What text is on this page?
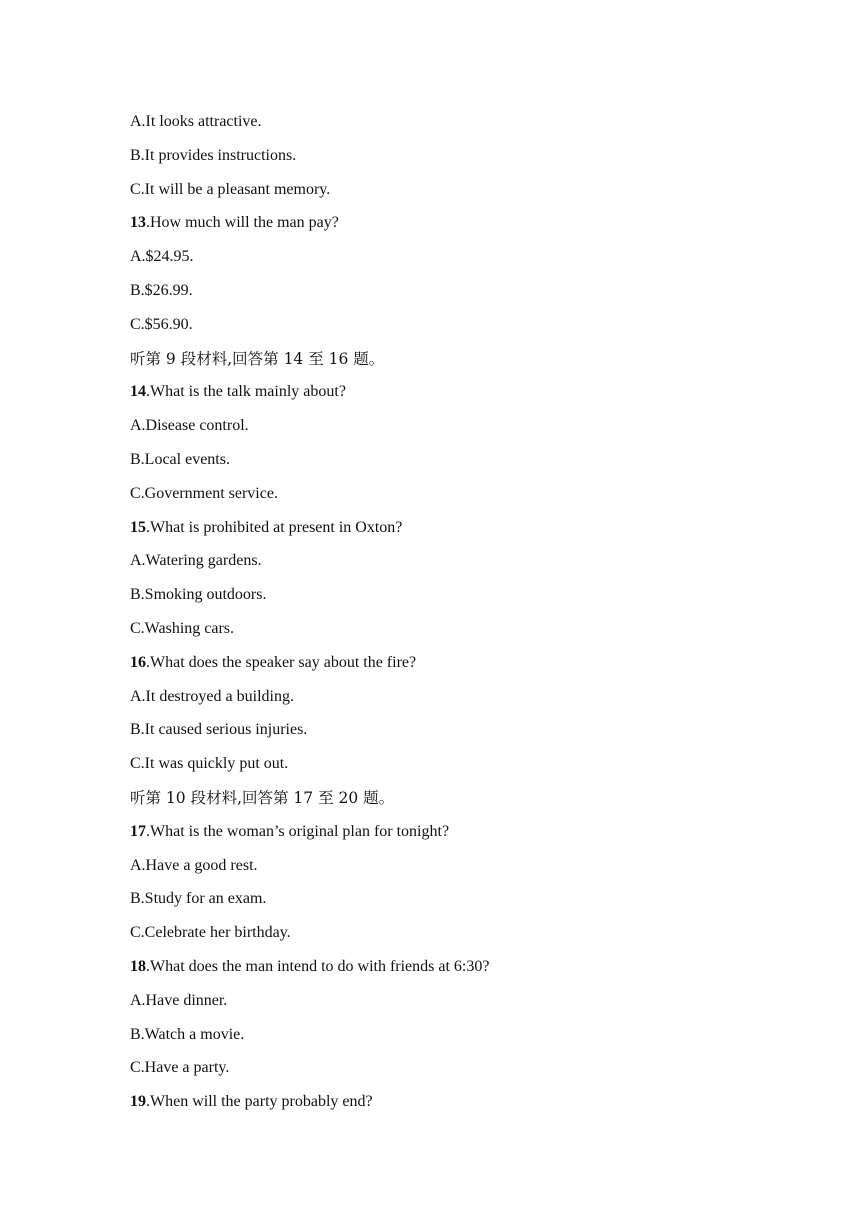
A.It looks attractive.
B.It provides instructions.
C.It will be a pleasant memory.
13.How much will the man pay?
A.$24.95.
B.$26.99.
C.$56.90.
听第 9 段材料,回答第 14 至 16 题。
14.What is the talk mainly about?
A.Disease control.
B.Local events.
C.Government service.
15.What is prohibited at present in Oxton?
A.Watering gardens.
B.Smoking outdoors.
C.Washing cars.
16.What does the speaker say about the fire?
A.It destroyed a building.
B.It caused serious injuries.
C.It was quickly put out.
听第 10 段材料,回答第 17 至 20 题。
17.What is the woman’s original plan for tonight?
A.Have a good rest.
B.Study for an exam.
C.Celebrate her birthday.
18.What does the man intend to do with friends at 6:30?
A.Have dinner.
B.Watch a movie.
C.Have a party.
19.When will the party probably end?
